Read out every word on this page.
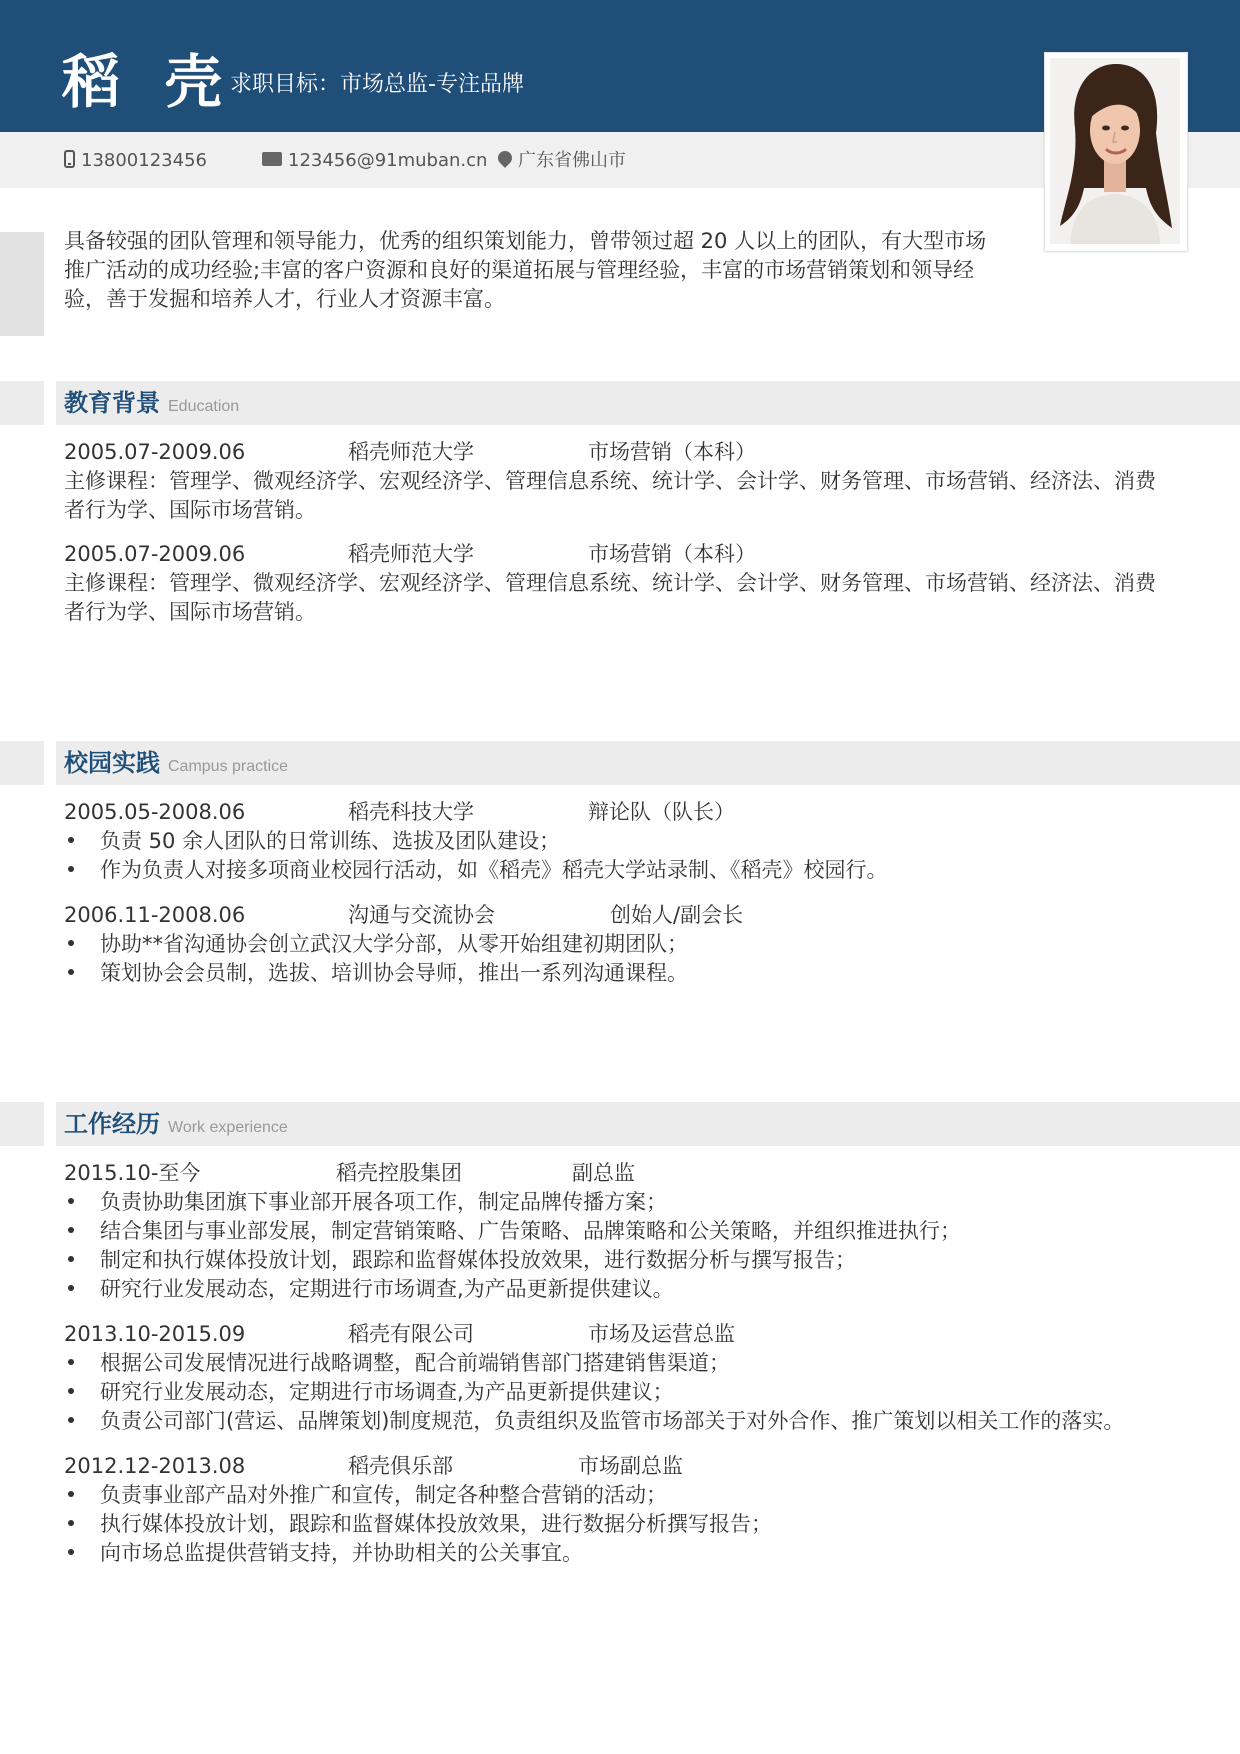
稻 壳
求职目标：市场总监-专注品牌
13800123456	123456@91muban.cn	广东省佛山市
具备较强的团队管理和领导能力，优秀的组织策划能力，曾带领过超 20 人以上的团队，有大型市场推广活动的成功经验;丰富的客户资源和良好的渠道拓展与管理经验，丰富的市场营销策划和领导经验，善于发掘和培养人才，行业人才资源丰富。
教育背景 Education
2005.07-2009.06	稻壳师范大学	市场营销（本科）
主修课程：管理学、微观经济学、宏观经济学、管理信息系统、统计学、会计学、财务管理、市场营销、经济法、消费者行为学、国际市场营销。
2005.07-2009.06	稻壳师范大学	市场营销（本科）
主修课程：管理学、微观经济学、宏观经济学、管理信息系统、统计学、会计学、财务管理、市场营销、经济法、消费者行为学、国际市场营销。
校园实践 Campus practice
2005.05-2008.06	稻壳科技大学	辩论队（队长）
负责 50 余人团队的日常训练、选拔及团队建设；
作为负责人对接多项商业校园行活动，如《稻壳》稻壳大学站录制、《稻壳》校园行。
2006.11-2008.06	沟通与交流协会	创始人/副会长
协助**省沟通协会创立武汉大学分部，从零开始组建初期团队；
策划协会会员制，选拔、培训协会导师，推出一系列沟通课程。
工作经历 Work experience
2015.10-至今	稻壳控股集团	副总监
负责协助集团旗下事业部开展各项工作，制定品牌传播方案；
结合集团与事业部发展，制定营销策略、广告策略、品牌策略和公关策略，并组织推进执行；
制定和执行媒体投放计划，跟踪和监督媒体投放效果，进行数据分析与撰写报告；
研究行业发展动态，定期进行市场调查,为产品更新提供建议。
2013.10-2015.09	稻壳有限公司	市场及运营总监
根据公司发展情况进行战略调整，配合前端销售部门搭建销售渠道；
研究行业发展动态，定期进行市场调查,为产品更新提供建议；
负责公司部门(营运、品牌策划)制度规范，负责组织及监管市场部关于对外合作、推广策划以相关工作的落实。
2012.12-2013.08	稻壳俱乐部	市场副总监
负责事业部产品对外推广和宣传，制定各种整合营销的活动；
执行媒体投放计划，跟踪和监督媒体投放效果，进行数据分析撰写报告；
向市场总监提供营销支持，并协助相关的公关事宜。
